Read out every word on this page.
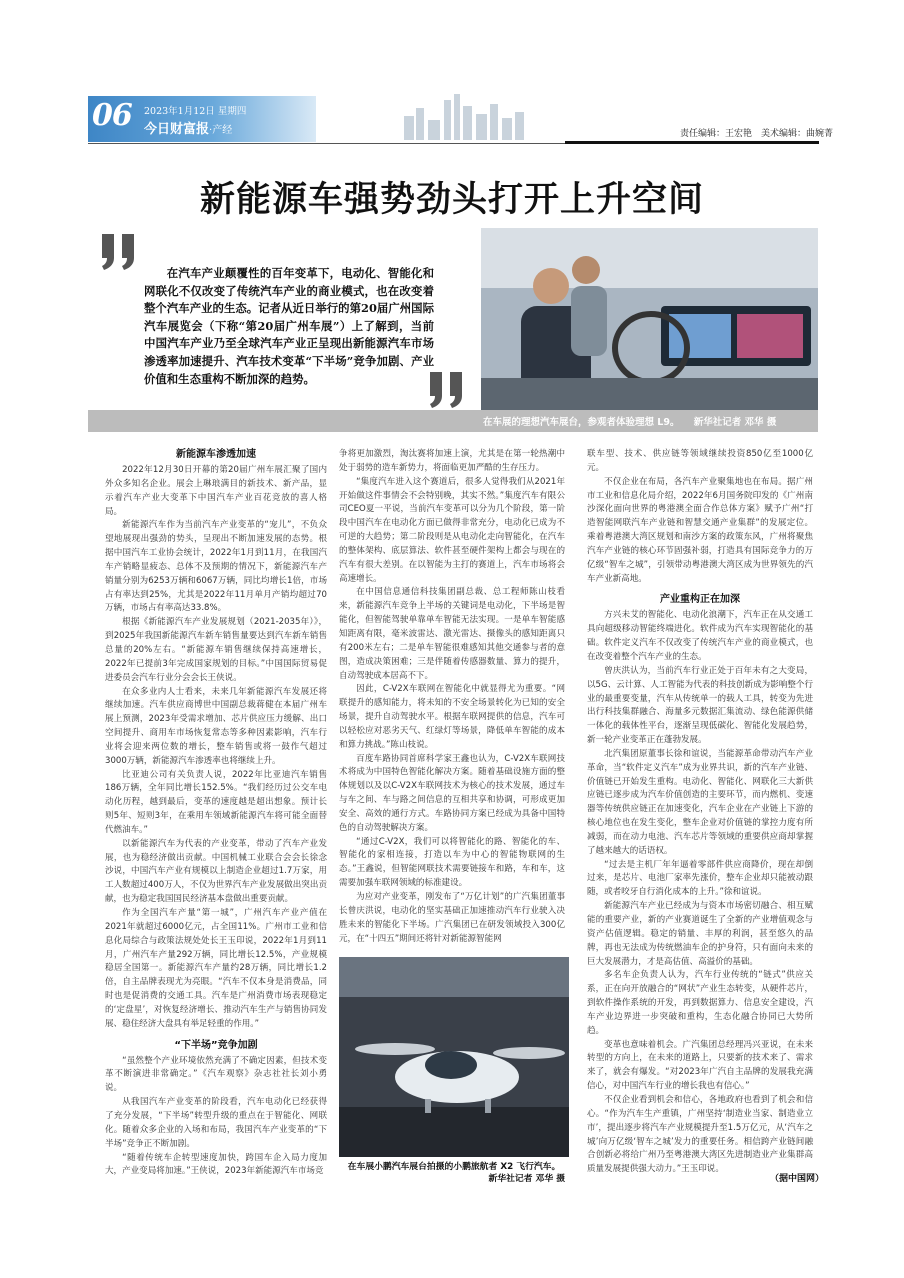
06 2023年1月12日 星期四
今日财富报·产经	责任编辑：王宏艳　美术编辑：曲婉菁
新能源车强势劲头打开上升空间
在汽车产业颠覆性的百年变革下，电动化、智能化和网联化不仅改变了传统汽车产业的商业模式，也在改变着整个汽车产业的生态。记者从近日举行的第20届广州国际汽车展览会（下称“第20届广州车展”）上了解到，当前中国汽车产业乃至全球汽车产业正呈现出新能源汽车市场渗透率加速提升、汽车技术变革“下半场”竞争加剧、产业价值和生态重构不断加深的趋势。
在车展的理想汽车展台，参观者体验理想 L9。　　新华社记者 邓华 摄
新能源车渗透加速

2022年12月30日开幕的第20届广州车展汇聚了国内外众多知名企业。展会上琳琅满目的新技术、新产品，显示着汽车产业大变革下中国汽车产业百花竞放的喜人格局。

新能源汽车作为当前汽车产业变革的“宠儿”，不负众望地展现出强劲的势头，呈现出不断加速发展的态势。根据中国汽车工业协会统计，2022年1月到11月，在我国汽车产销略显疲态、总体不及预期的情况下，新能源汽车产销量分别为6253万辆和6067万辆，同比均增长1倍，市场占有率达到25%，尤其是2022年11月单月产销均超过70万辆，市场占有率高达33.8%。

根据《新能源汽车产业发展规划（2021-2035年）》，到2025年我国新能源汽车新车销售量要达到汽车新车销售总量的20%左右。“新能源车销售继续保持高速增长，2022年已提前3年完成国家规划的目标。”中国国际贸易促进委员会汽车行业分会会长王侠说。

在众多业内人士看来，未来几年新能源汽车发展还将继续加速。汽车供应商博世中国副总裁蒋健在本届广州车展上预测，2023年受需求增加、芯片供应压力缓解、出口空间提升、商用车市场恢复常态等多种因素影响，汽车行业将会迎来两位数的增长，整车销售或将一鼓作气超过3000万辆，新能源汽车渗透率也将继续上升。

比亚迪公司有关负责人说，2022年比亚迪汽车销售186万辆，全年同比增长152.5%。“我们经历过公交车电动化历程，越到最后，变革的速度越是超出想象。预计长则5年、短则3年，在乘用车领域新能源汽车将可能全面替代燃油车。”

以新能源汽车为代表的产业变革，带动了汽车产业发展，也为稳经济做出贡献。中国机械工业联合会会长徐念沙说，中国汽车产业有规模以上制造企业超过1.7万家，用工人数超过400万人，不仅为世界汽车产业发展做出突出贡献，也为稳定我国国民经济基本盘做出重要贡献。

作为全国汽车产量“第一城”，广州汽车产业产值在2021年就超过6000亿元，占全国11%。广州市工业和信息化局综合与政策法规处处长王玉印说，2022年1月到11月，广州汽车产量292万辆，同比增长12.5%，产业规模稳居全国第一。新能源汽车产量约28万辆，同比增长1.2倍，自主品牌表现尤为亮眼。“汽车不仅本身是消费品，同时也是促消费的交通工具。汽车是广州消费市场表现稳定的‘定盘星’，对恢复经济增长、推动汽车生产与销售协同发展、稳住经济大盘具有举足轻重的作用。”

“下半场”竞争加剧

“虽然整个产业环境依然充满了不确定因素，但技术变革不断演进非常确定。”《汽车观察》杂志社社长刘小勇说。

从我国汽车产业变革的阶段看，汽车电动化已经获得了充分发展，“下半场”转型升级的重点在于智能化、网联化。随着众多企业的入场和布局，我国汽车产业变革的“下半场”竞争正不断加剧。

“随着传统车企转型速度加快，跨国车企入局力度加大，产业变局将加速。”王侠说，2023年新能源汽车市场竞

争将更加激烈，淘汰赛将加速上演，尤其是在第一轮热潮中处于弱势的造车新势力，将面临更加严酷的生存压力。

“集度汽车进入这个赛道后，很多人觉得我们从2021年开始做这件事情会不会特别晚，其实不然。”集度汽车有限公司CEO夏一平说，当前汽车变革可以分为几个阶段，第一阶段中国汽车在电动化方面已做得非常充分，电动化已成为不可逆的大趋势；第二阶段则是从电动化走向智能化，在汽车的整体架构、底层算法、软件甚至硬件架构上都会与现在的汽车有很大差别。在以智能为主打的赛道上，汽车市场将会高速增长。

在中国信息通信科技集团副总裁、总工程师陈山枝看来，新能源汽车竞争上半场的关键词是电动化，下半场是智能化，但智能驾驶单靠单车智能无法实现。一是单车智能感知距离有限，毫米波雷达、激光雷达、摄像头的感知距离只有200米左右；二是单车智能很难感知其他交通参与者的意图，造成决策困难；三是伴随着传感器数量、算力的提升，自动驾驶成本居高不下。

因此，C-V2X车联网在智能化中就显得尤为重要。“网联提升的感知能力，将未知的不安全场景转化为已知的安全场景，提升自动驾驶水平。根据车联网提供的信息，汽车可以轻松应对恶劣天气、红绿灯等场景，降低单车智能的成本和算力挑战。”陈山枝说。

百度车路协同首席科学家王鑫也认为，C-V2X车联网技术将成为中国特色智能化解决方案。随着基础设施方面的整体规划以及以C-V2X车联网技术为核心的技术发展，通过车与车之间、车与路之间信息的互相共享和协调，可形成更加安全、高效的通行方式。车路协同方案已经成为具备中国特色的自动驾驶解决方案。

“通过C-V2X，我们可以将智能化的路、智能化的车、智能化的家相连接，打造以车为中心的智能物联网的生态。”王鑫说，但智能网联技术需要链接车和路，车和车，这需要加强车联网领域的标准建设。

为应对产业变革，刚发布了“万亿计划”的广汽集团董事长曾庆洪说，电动化的坚实基础正加速推动汽车行业驶入决胜未来的智能化下半场。广汽集团已在研发领域投入300亿元，在“十四五”期间还将针对新能源智能网

在车展小鹏汽车展台拍摄的小鹏旅航者 X2 飞行汽车。
新华社记者 邓华 摄

联车型、技术、供应链等领域继续投资850亿至1000亿元。

不仅企业在布局，各汽车产业聚集地也在布局。据广州市工业和信息化局介绍，2022年6月国务院印发的《广州南沙深化面向世界的粤港澳全面合作总体方案》赋予广州“打造智能网联汽车产业链和智慧交通产业集群”的发展定位。乘着粤港澳大湾区规划和南沙方案的政策东风，广州将聚焦汽车产业链的核心环节固强补弱，打造具有国际竞争力的万亿级“智车之城”，引领带动粤港澳大湾区成为世界领先的汽车产业新高地。

产业重构正在加深

方兴未艾的智能化、电动化浪潮下，汽车正在从交通工具向超级移动智能终端进化。软件成为汽车实现智能化的基础。软件定义汽车不仅改变了传统汽车产业的商业模式，也在改变着整个汽车产业的生态。

曾庆洪认为，当前汽车行业正处于百年未有之大变局，以5G、云计算、人工智能为代表的科技创新成为影响整个行业的最重要变量，汽车从传统单一的载人工具，转变为先进出行科技集群融合、海量多元数据汇集流动、绿色能源供储一体化的载体性平台，逐渐呈现低碳化、智能化发展趋势，新一轮产业变革正在蓬勃发展。

北汽集团原董事长徐和谊说，当能源革命带动汽车产业革命，当“软件定义汽车”成为业界共识，新的汽车产业链、价值链已开始发生重构。电动化、智能化、网联化三大新供应链已逐步成为汽车价值创造的主要环节，而内燃机、变速器等传统供应链正在加速变化，汽车企业在产业链上下游的核心地位也在发生变化，整车企业对价值链的掌控力度有所减弱，而在动力电池、汽车芯片等领域的重要供应商却掌握了越来越大的话语权。

“过去是主机厂年年逼着零部件供应商降价，现在却倒过来，是芯片、电池厂家率先涨价，整车企业却只能被动跟随，或者咬牙自行消化成本的上升。”徐和谊说。

新能源汽车产业已经成为与资本市场密切融合、相互赋能的重要产业，新的产业赛道诞生了全新的产业增值观念与资产估值逻辑。稳定的销量、丰厚的利润，甚至悠久的品牌，再也无法成为传统燃油车企的护身符，只有面向未来的巨大发展潜力，才是高估值、高溢价的基础。

多名车企负责人认为，汽车行业传统的“链式”供应关系，正在向开放融合的“网状”产业生态转变，从硬件芯片，到软件操作系统的开发，再到数据算力、信息安全建设，汽车产业边界进一步突破和重构，生态化融合协同已大势所趋。

变革也意味着机会。广汽集团总经理冯兴亚说，在未来转型的方向上，在未来的道路上，只要新的技术来了、需求来了，就会有爆发。“对2023年广汽自主品牌的发展我充满信心，对中国汽车行业的增长我也有信心。”

不仅企业看到机会和信心，各地政府也看到了机会和信心。“作为汽车生产重镇，广州坚持‘制造业当家、制造业立市’，提出逐步将汽车产业规模提升至1.5万亿元，从‘汽车之城’向万亿级‘智车之城’发力的重要任务。相信跨产业链间融合创新必将给广州乃至粤港澳大湾区先进制造业产业集群高质量发展提供强大动力。”王玉印说。

（据中国网）
